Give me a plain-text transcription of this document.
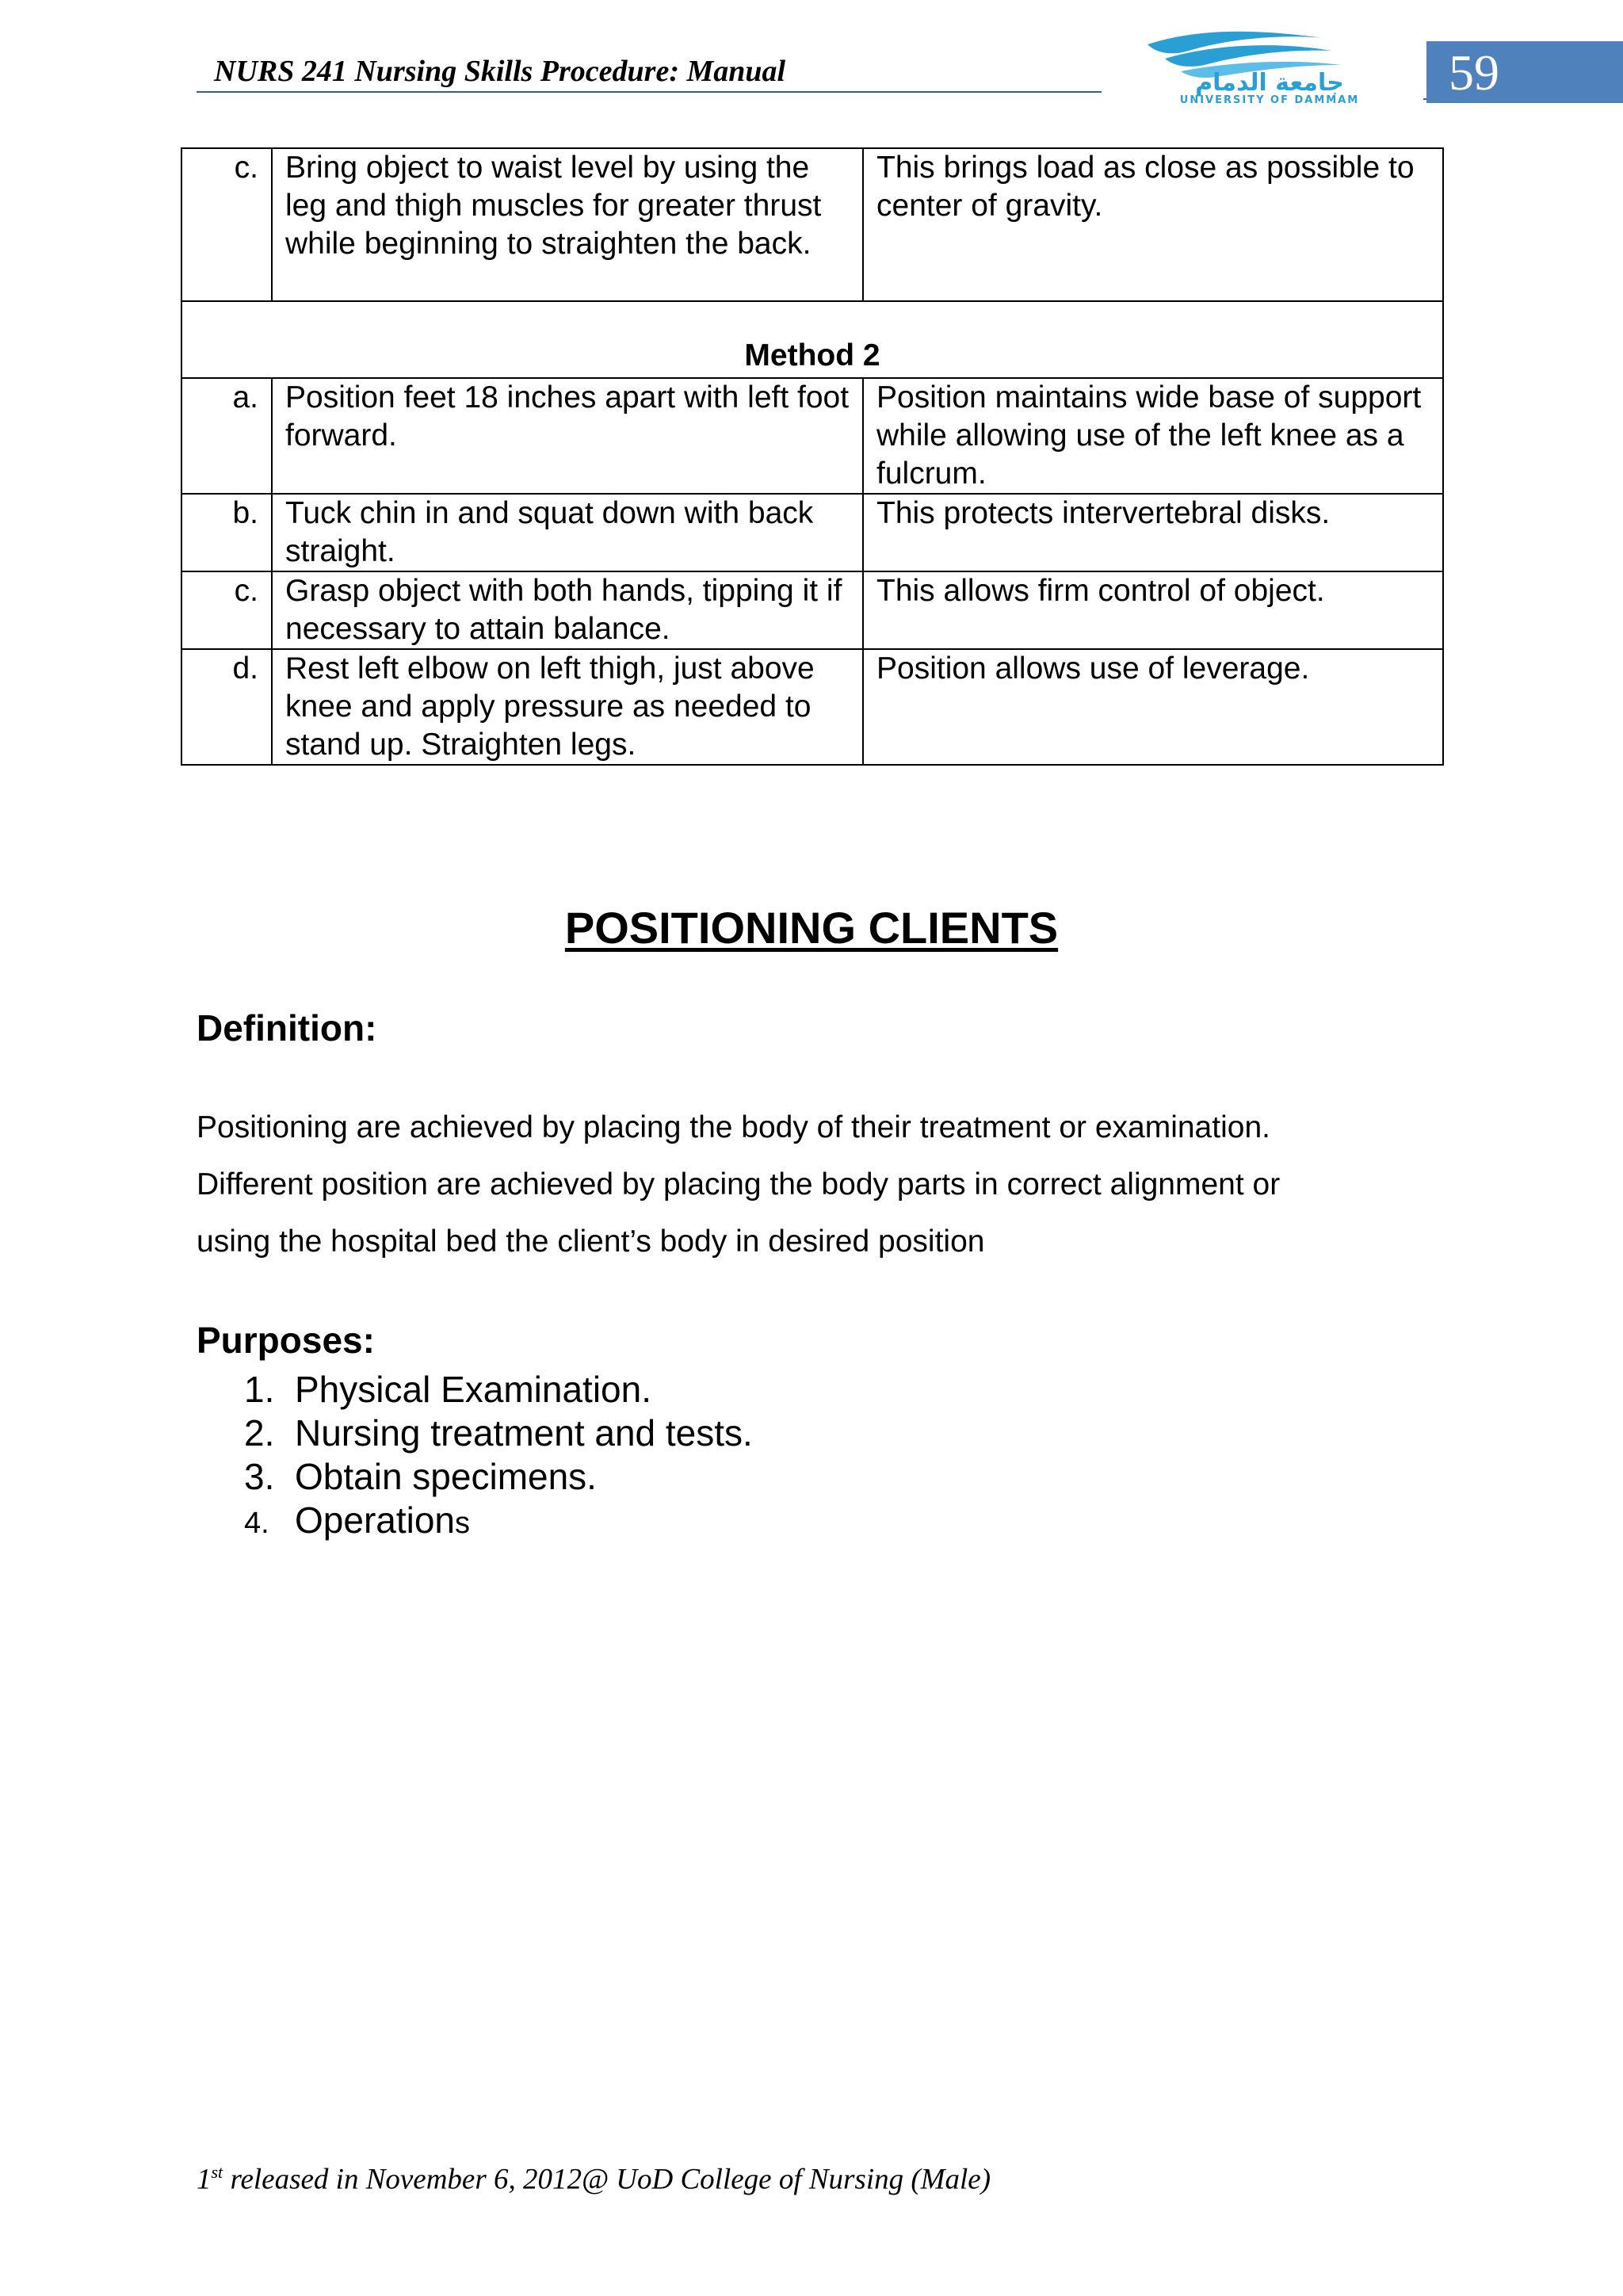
NURS 241 Nursing Skills Procedure: Manual	جامعة الدمام
UNIVERSITY OF DAMMAM 59
c.	Bring object to waist level by using the leg and thigh muscles for greater thrust while beginning to straighten the back.	This brings load as close as possible to center of gravity.
Method 2		
a.	Position feet 18 inches apart with left foot forward.	Position maintains wide base of support while allowing use of the left knee as a fulcrum.
b.	Tuck chin in and squat down with back straight.	This protects intervertebral disks.
c.	Grasp object with both hands, tipping it if necessary to attain balance.	This allows firm control of object.
d.	Rest left elbow on left thigh, just above knee and apply pressure as needed to stand up. Straighten legs.	Position allows use of leverage.
POSITIONING CLIENTS
Definition:
Positioning are achieved by placing the body of their treatment or examination.
Different position are achieved by placing the body parts in correct alignment or
using the hospital bed the client’s body in desired position
Purposes:
1. Physical Examination.
2. Nursing treatment and tests.
3. Obtain specimens.
4. Operations
1st released in November 6, 2012@ UoD College of Nursing (Male)
